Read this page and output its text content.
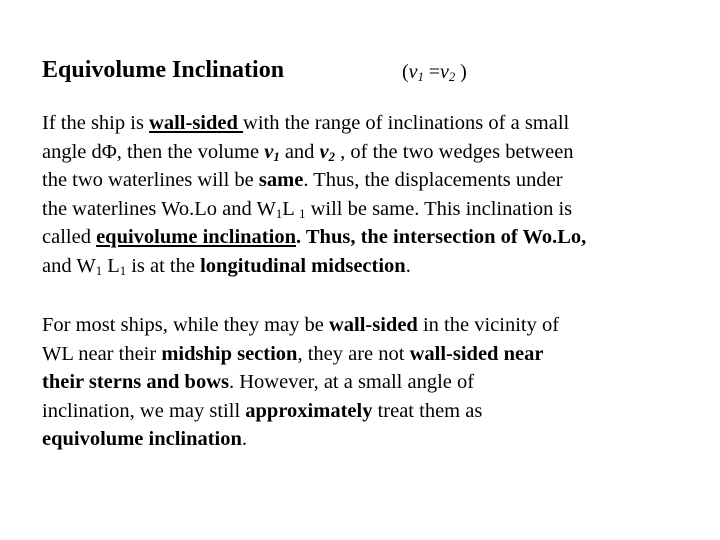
Equivolume Inclination	($v_1 =v_2$ )
If the ship is wall-sided with the range of inclinations of a small
angle dΦ, then the volume $v_1$ and $v_2$ , of the two wedges between
the two waterlines will be same. Thus, the displacements under
the waterlines Wo.Lo and $W_1L$ $_1$ will be same. This inclination is
called equivolume inclination. Thus, the intersection of Wo.Lo,
and $W_1$ $L_1$ is at the longitudinal midsection.
For most ships, while they may be wall-sided in the vicinity of
WL near their midship section, they are not wall-sided near
their sterns and bows. However, at a small angle of
inclination, we may still approximately treat them as
equivolume inclination.
